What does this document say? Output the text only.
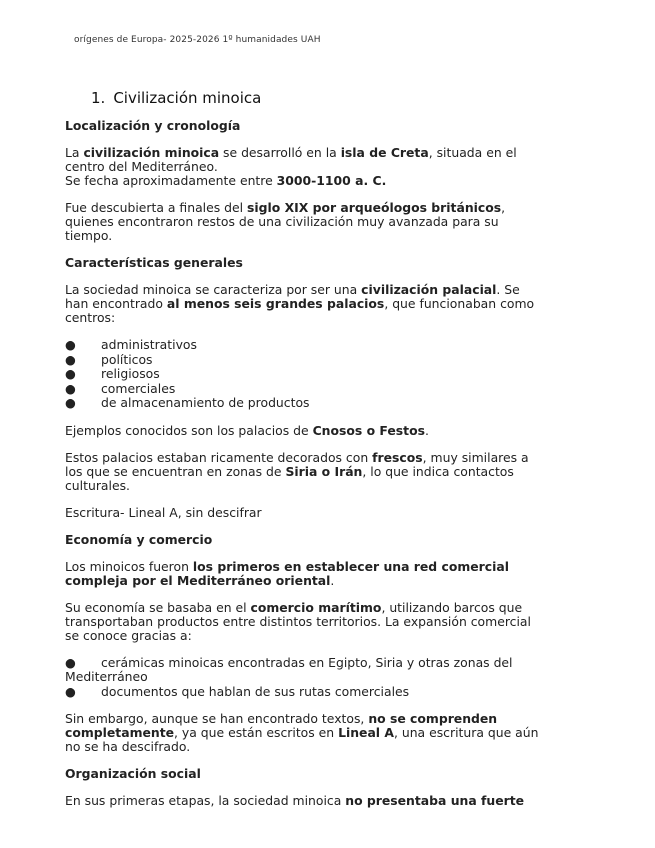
orígenes de Europa- 2025-2026 1º humanidades UAH
1. Civilización minoica
Localización y cronología

La civilización minoica se desarrolló en la isla de Creta, situada en el centro del Mediterráneo.

Se fecha aproximadamente entre 3000-1100 a. C.

Fue descubierta a finales del siglo XIX por arqueólogos británicos, quienes encontraron restos de una civilización muy avanzada para su tiempo.

Características generales

La sociedad minoica se caracteriza por ser una civilización palacial. Se han encontrado al menos seis grandes palacios, que funcionaban como centros:

● administrativos
● políticos
● religiosos
● comerciales
● de almacenamiento de productos

Ejemplos conocidos son los palacios de Cnosos o Festos.

Estos palacios estaban ricamente decorados con frescos, muy similares a los que se encuentran en zonas de Siria o Irán, lo que indica contactos culturales.

Escritura- Lineal A, sin descifrar

Economía y comercio

Los minoicos fueron los primeros en establecer una red comercial compleja por el Mediterráneo oriental.

Su economía se basaba en el comercio marítimo, utilizando barcos que transportaban productos entre distintos territorios. La expansión comercial se conoce gracias a:

● cerámicas minoicas encontradas en Egipto, Siria y otras zonas del Mediterráneo
● documentos que hablan de sus rutas comerciales

Sin embargo, aunque se han encontrado textos, no se comprenden completamente, ya que están escritos en Lineal A, una escritura que aún no se ha descifrado.

Organización social

En sus primeras etapas, la sociedad minoica no presentaba una fuerte
